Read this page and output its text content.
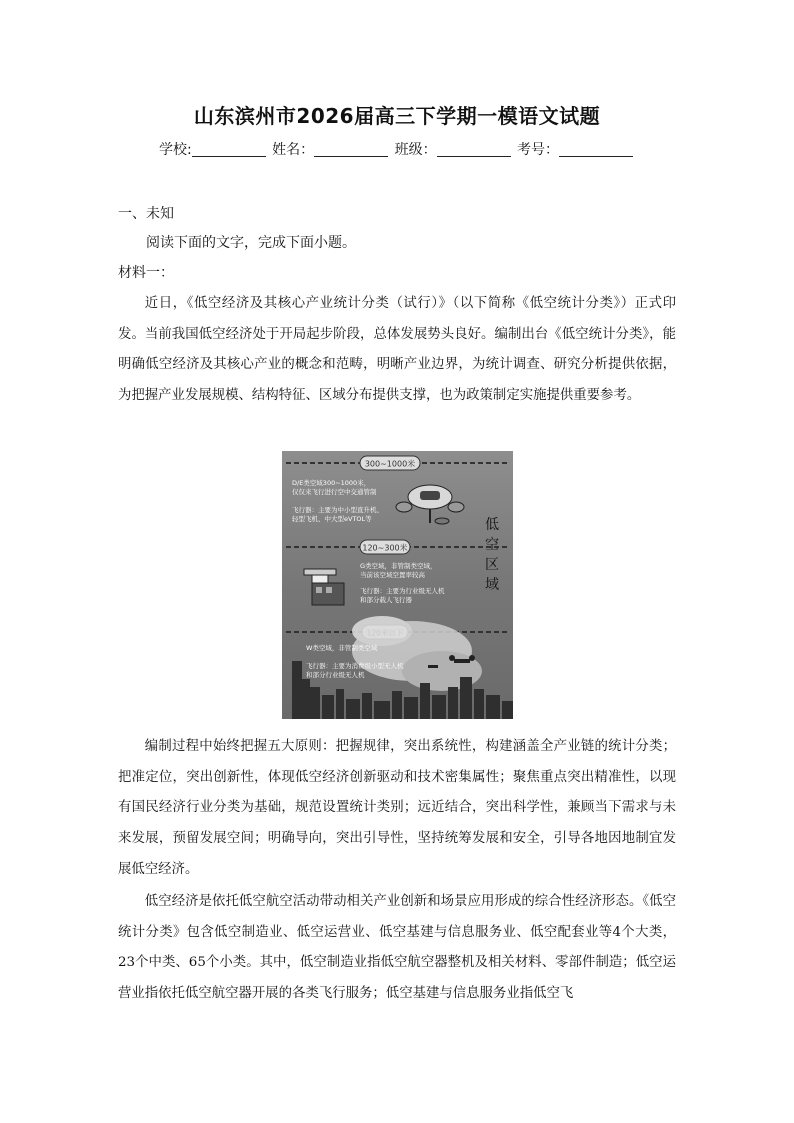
山东滨州市2026届高三下学期一模语文试题
学校:	姓名：	班级：	考号：
一、未知
阅读下面的文字，完成下面小题。
材料一：

近日，《低空经济及其核心产业统计分类（试行）》（以下简称《低空统计分类》）正式印发。当前我国低空经济处于开局起步阶段，总体发展势头良好。编制出台《低空统计分类》，能明确低空经济及其核心产业的概念和范畴，明晰产业边界，为统计调查、研究分析提供依据，为把握产业发展规模、结构特征、区域分布提供支撑，也为政策制定实施提供重要参考。

300~1000米
120~300米
D/E类空域300~1000米，
仅仅来飞行进行空中交通管制
飞行器：主要为中小型直升机、
轻型飞机、中大型eVTOL等	低
空
区
域
G类空域，非管制类空域，
当前该空域空置率较高
飞行器：主要为行业级无人机
和部分载人飞行器
W类空域，非管制类空域
飞行器：主要为消费级小型无人机
和部分行业级无人机

编制过程中始终把握五大原则：把握规律，突出系统性，构建涵盖全产业链的统计分类；把准定位，突出创新性，体现低空经济创新驱动和技术密集属性；聚焦重点突出精准性，以现有国民经济行业分类为基础，规范设置统计类别；远近结合，突出科学性，兼顾当下需求与未来发展，预留发展空间；明确导向，突出引导性，坚持统筹发展和安全，引导各地因地制宜发展低空经济。

低空经济是依托低空航空活动带动相关产业创新和场景应用形成的综合性经济形态。《低空统计分类》包含低空制造业、低空运营业、低空基建与信息服务业、低空配套业等4个大类，23个中类、65个小类。其中，低空制造业指低空航空器整机及相关材料、零部件制造；低空运营业指依托低空航空器开展的各类飞行服务；低空基建与信息服务业指低空飞
